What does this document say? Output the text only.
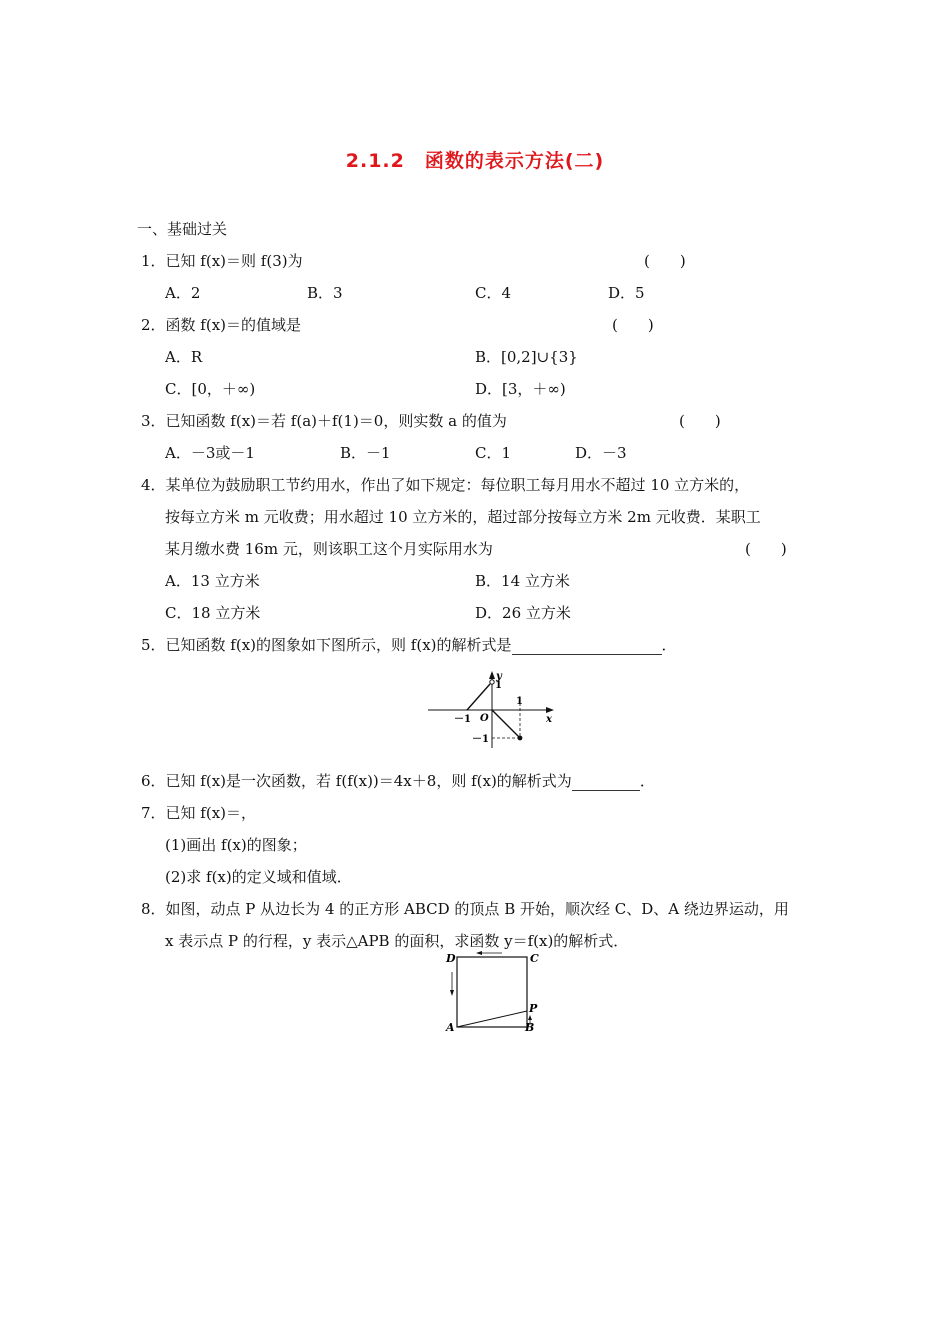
2.1.2　函数的表示方法(二)
一、基础过关
1．已知 f(x)＝则 f(3)为	(　　)
A．2	B．3	C．4	D．5
2．函数 f(x)＝的值域是	(　　)
A．R	B．[0,2]∪{3}
C．[0，＋∞)	D．[3，＋∞)
3．已知函数 f(x)＝若 f(a)＋f(1)＝0，则实数 a 的值为	(　　)
A．－3或－1	B．－1	C．1	D．－3
4．某单位为鼓励职工节约用水，作出了如下规定：每位职工每月用水不超过 10 立方米的，
按每立方米 m 元收费；用水超过 10 立方米的，超过部分按每立方米 2m 元收费．某职工
某月缴水费 16m 元，则该职工这个月实际用水为	(　　)
A．13 立方米	B．14 立方米
C．18 立方米	D．26 立方米
5．已知函数 f(x)的图象如下图所示，则 f(x)的解析式是	．
y
x
1
1
－1 O
－1
6．已知 f(x)是一次函数，若 f(f(x))＝4x＋8，则 f(x)的解析式为	．
7．已知 f(x)＝，
(1)画出 f(x)的图象；
(2)求 f(x)的定义域和值域．
8．如图，动点 P 从边长为 4 的正方形 ABCD 的顶点 B 开始，顺次经 C、D、A 绕边界运动，用
x 表示点 P 的行程，y 表示△APB 的面积，求函数 y＝f(x)的解析式．
D	C
A	B
P
